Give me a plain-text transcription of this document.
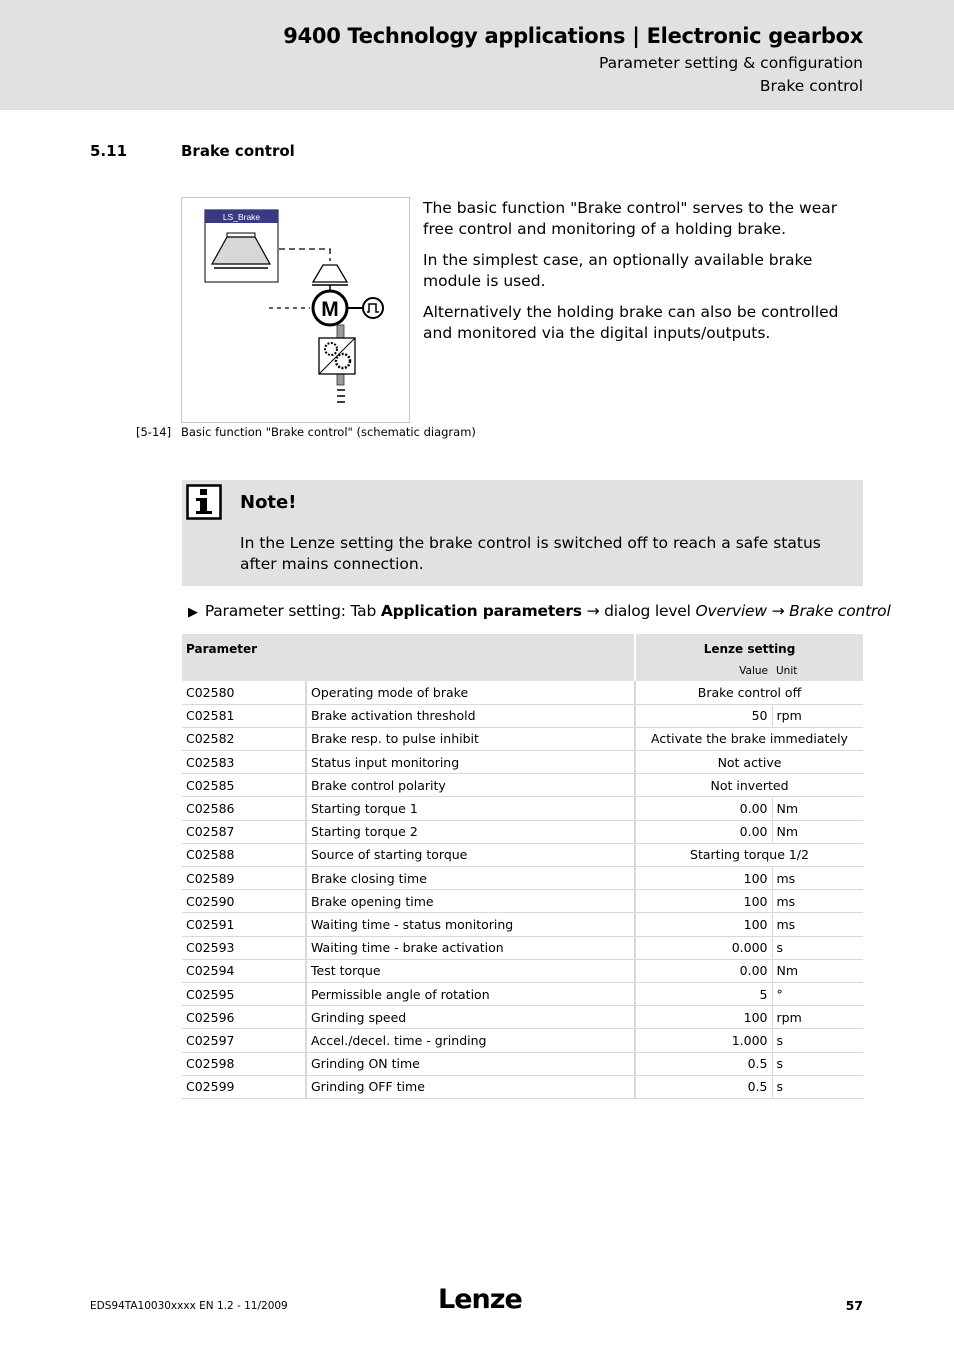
9400 Technology applications | Electronic gearbox
Parameter setting & configuration
Brake control
5.11	Brake control
LS_Brake
M

The basic function "Brake control" serves to the wear free control and monitoring of a holding brake.

In the simplest case, an optionally available brake module is used.

Alternatively the holding brake can also be controlled and monitored via the digital inputs/outputs.

[5-14] Basic function "Brake control" (schematic diagram)
Note!
In the Lenze setting the brake control is switched off to reach a safe status after mains connection.
▶ Parameter setting: Tab Application parameters → dialog level Overview → Brake control
Parameter		Lenze setting
Value Unit	

C02580	Operating mode of brake	Brake control off	
C02581	Brake activation threshold	50	rpm
C02582	Brake resp. to pulse inhibit	Activate the brake immediately	
C02583	Status input monitoring	Not active	
C02585	Brake control polarity	Not inverted	
C02586	Starting torque 1	0.00	Nm
C02587	Starting torque 2	0.00	Nm
C02588	Source of starting torque	Starting torque 1/2	
C02589	Brake closing time	100	ms
C02590	Brake opening time	100	ms
C02591	Waiting time - status monitoring	100	ms
C02593	Waiting time - brake activation	0.000	s
C02594	Test torque	0.00	Nm
C02595	Permissible angle of rotation	5	°
C02596	Grinding speed	100	rpm
C02597	Accel./decel. time - grinding	1.000	s
C02598	Grinding ON time	0.5	s
C02599	Grinding OFF time	0.5	s
EDS94TA10030xxxx EN 1.2 - 11/2009	Lenze	57
